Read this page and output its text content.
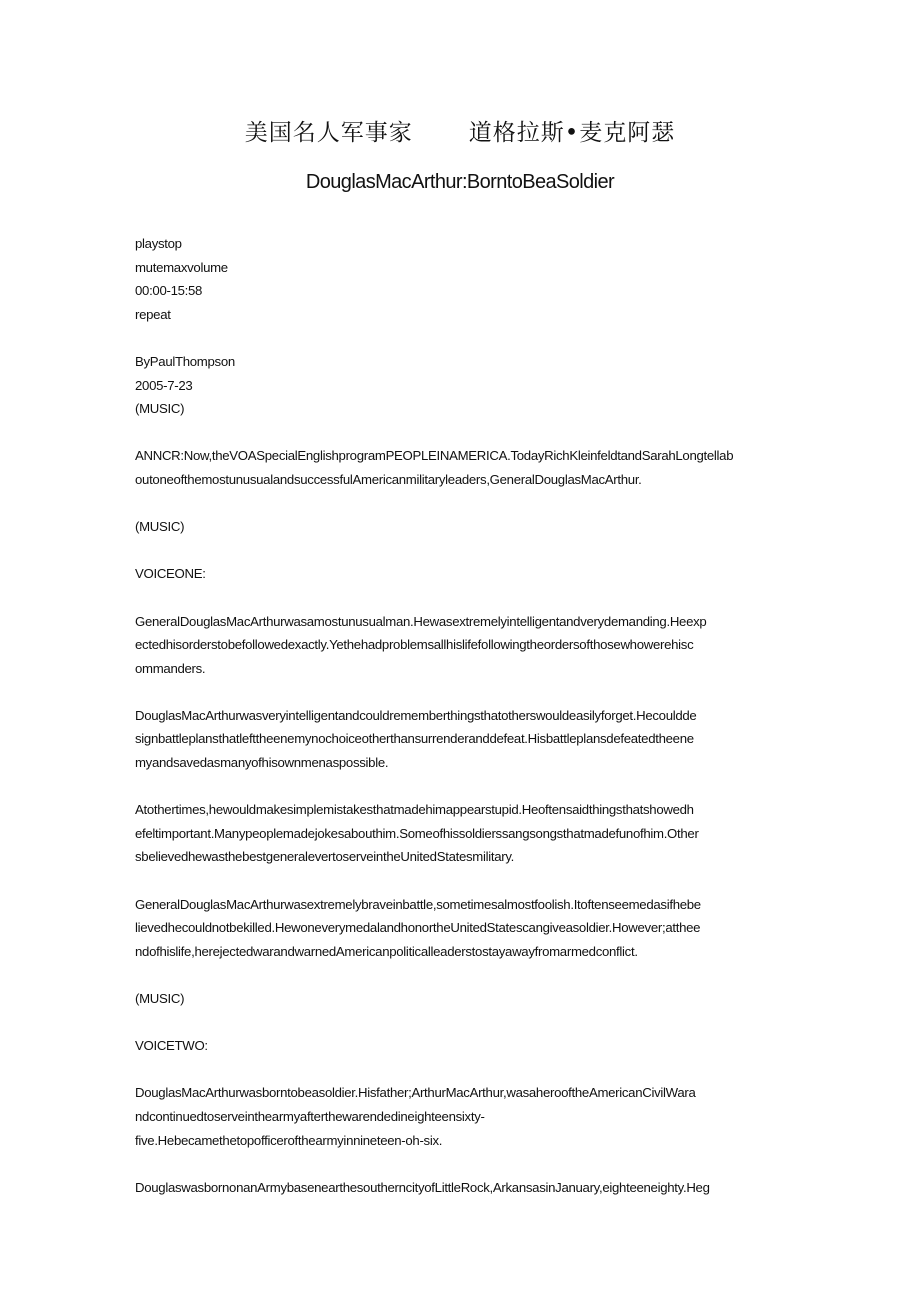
美国名人军事家 道格拉斯•麦克阿瑟
DouglasMacArthur:BorntoBeaSoldier
playstop
mutemaxvolume
00:00-15:58
repeat
ByPaulThompson
2005-7-23
(MUSIC)
ANNCR:Now,theVOASpecialEnglishprogramPEOPLEINAMERICA.TodayRichKleinfeldtandSarahLongtellab
outoneofthemostunusualandsuccessfulAmericanmilitaryleaders,GeneralDouglasMacArthur.
(MUSIC)
VOICEONE:
GeneralDouglasMacArthurwasamostunusualman.Hewasextremelyintelligentandverydemanding.Heexp
ectedhisorderstobefollowedexactly.Yethehadproblemsallhislifefollowingtheordersofthosewhowerehisc
ommanders.
DouglasMacArthurwasveryintelligentandcouldrememberthingsthatotherswouldeasilyforget.Hecouldde
signbattleplansthatlefttheenemynochoiceotherthansurrenderanddefeat.Hisbattleplansdefeatedtheene
myandsavedasmanyofhisownmenaspossible.
Atothertimes,hewouldmakesimplemistakesthatmadehimappearstupid.Heoftensaidthingsthatshowedh
efeltimportant.Manypeoplemadejokesabouthim.Someofhissoldierssangsongsthatmadefunofhim.Other
sbelievedhewasthebestgeneralevertoserveintheUnitedStatesmilitary.
GeneralDouglasMacArthurwasextremelybraveinbattle,sometimesalmostfoolish.Itoftenseemedasifhebe
lievedhecouldnotbekilled.HewoneverymedalandhonortheUnitedStatescangiveasoldier.However;atthee
ndofhislife,herejectedwarandwarnedAmericanpoliticalleaderstostayawayfromarmedconflict.
(MUSIC)
VOICETWO:
DouglasMacArthurwasborntobeasoldier.Hisfather;ArthurMacArthur,wasaherooftheAmericanCivilWara
ndcontinuedtoserveinthearmyafterthewarendedineighteensixty-
five.Hebecamethetopofficerofthearmyinnineteen-oh-six.
DouglaswasbornonanArmybasenearthesoutherncityofLittleRock,ArkansasinJanuary,eighteeneighty.Heg
